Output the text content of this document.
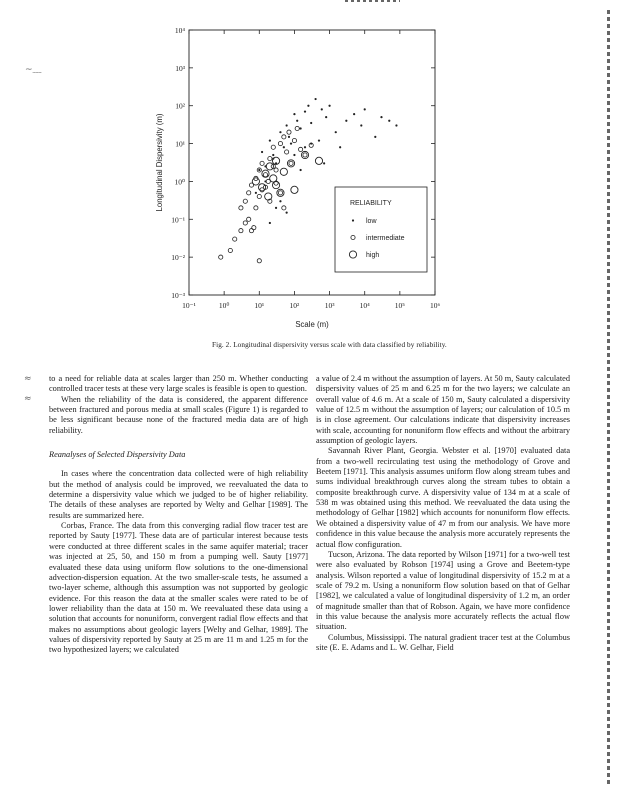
~﹏
≈
≈
10⁻¹	10⁰	10¹	10²	10³	10⁴	10⁵	10⁶
10⁴
10³
10²
10¹
10⁰
10⁻¹
10⁻²
10⁻³
Scale (m)
Longitudinal Dispersivity (m)	RELIABILITY
low
intermediate
high
Fig. 2. Longitudinal dispersivity versus scale with data classified by reliability.

to a need for reliable data at scales larger than 250 m. Whether conducting controlled tracer tests at these very large scales is feasible is open to question.

When the reliability of the data is considered, the apparent difference between fractured and porous media at small scales (Figure 1) is regarded to be less significant because none of the fractured media data are of high reliability.

Reanalyses of Selected Dispersivity Data

In cases where the concentration data collected were of high reliability but the method of analysis could be improved, we reevaluated the data to determine a dispersivity value which we judged to be of higher reliability. The details of these analyses are reported by Welty and Gelhar [1989]. The results are summarized here.

Corbas, France. The data from this converging radial flow tracer test are reported by Sauty [1977]. These data are of particular interest because tests were conducted at three different scales in the same aquifer material; tracer was injected at 25, 50, and 150 m from a pumping well. Sauty [1977] evaluated these data using uniform flow solutions to the one-dimensional advection-dispersion equation. At the two smaller-scale tests, he assumed a two-layer scheme, although this assumption was not supported by geologic evidence. For this reason the data at the smaller scales were rated to be of lower reliability than the data at 150 m. We reevaluated these data using a solution that accounts for nonuniform, convergent radial flow effects and that makes no assumptions about geologic layers [Welty and Gelhar, 1989]. The values of dispersivity reported by Sauty at 25 m are 11 m and 1.25 m for the two hypothesized layers; we calculated

a value of 2.4 m without the assumption of layers. At 50 m, Sauty calculated dispersivity values of 25 m and 6.25 m for the two layers; we calculate an overall value of 4.6 m. At a scale of 150 m, Sauty calculated a dispersivity value of 12.5 m without the assumption of layers; our calculation of 10.5 m is in close agreement. Our calculations indicate that dispersivity increases with scale, accounting for nonuniform flow effects and without the arbitrary assumption of geologic layers.

Savannah River Plant, Georgia. Webster et al. [1970] evaluated data from a two-well recirculating test using the methodology of Grove and Beetem [1971]. This analysis assumes uniform flow along stream tubes and sums individual breakthrough curves along the stream tubes to obtain a composite breakthrough curve. A dispersivity value of 134 m at a scale of 538 m was obtained using this method. We reevaluated the data using the methodology of Gelhar [1982] which accounts for nonuniform flow effects. We obtained a dispersivity value of 47 m from our analysis. We have more confidence in this value because the analysis more accurately represents the actual flow configuration.

Tucson, Arizona. The data reported by Wilson [1971] for a two-well test were also evaluated by Robson [1974] using a Grove and Beetem-type analysis. Wilson reported a value of longitudinal dispersivity of 15.2 m at a scale of 79.2 m. Using a nonuniform flow solution based on that of Gelhar [1982], we calculated a value of longitudinal dispersivity of 1.2 m, an order of magnitude smaller than that of Robson. Again, we have more confidence in this value because the analysis more accurately reflects the actual flow situation.

Columbus, Mississippi. The natural gradient tracer test at the Columbus site (E. E. Adams and L. W. Gelhar, Field
